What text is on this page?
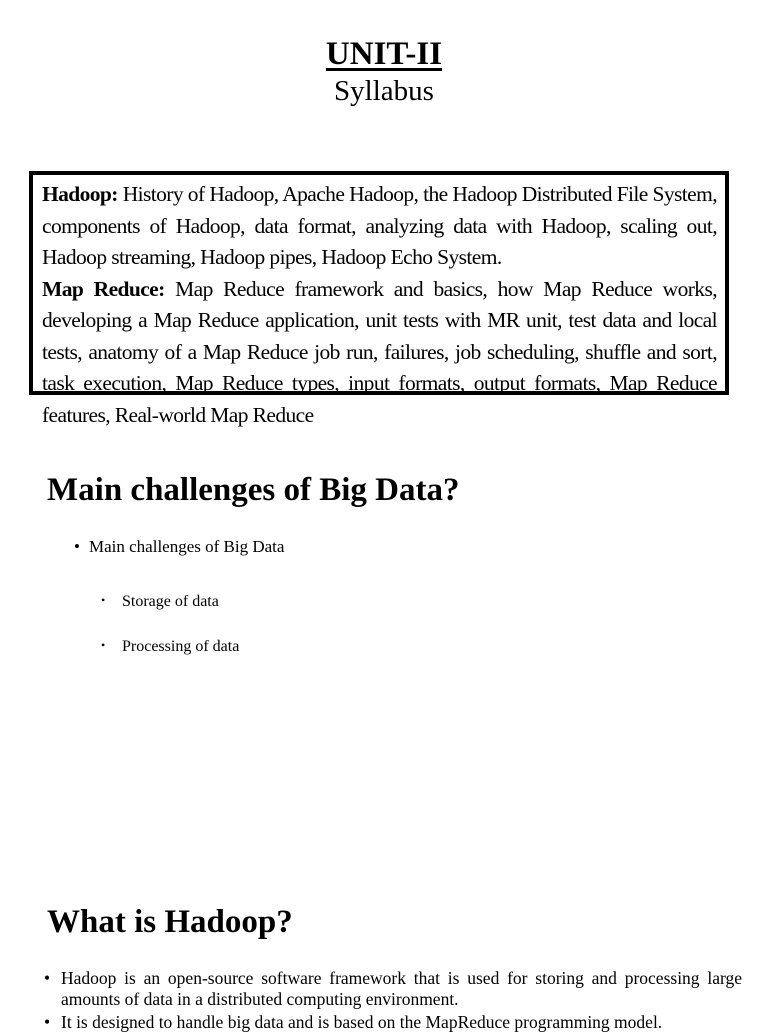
UNIT-II
Syllabus

Hadoop: History of Hadoop, Apache Hadoop, the Hadoop Distributed File System, components of Hadoop, data format, analyzing data with Hadoop, scaling out, Hadoop streaming, Hadoop pipes, Hadoop Echo System.

Map Reduce: Map Reduce framework and basics, how Map Reduce works, developing a Map Reduce application, unit tests with MR unit, test data and local tests, anatomy of a Map Reduce job run, failures, job scheduling, shuffle and sort, task execution, Map Reduce types, input formats, output formats, Map Reduce features, Real-world Map Reduce

Main challenges of Big Data?
• Main challenges of Big Data
• Storage of data
• Processing of data
What is Hadoop?

• Hadoop is an open-source software framework that is used for storing and processing large amounts of data in a distributed computing environment.

• It is designed to handle big data and is based on the MapReduce programming model.
